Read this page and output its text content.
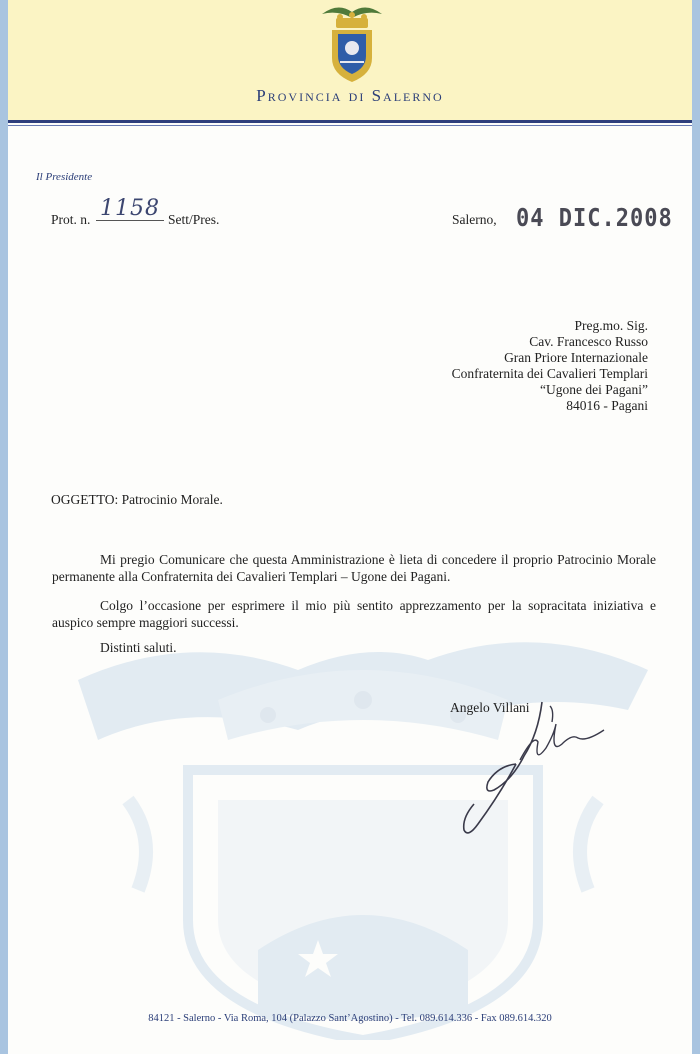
Provincia di Salerno
Il Presidente
Prot. n. 1158 Sett/Pres.	Salerno, 04 DIC.2008
Preg.mo. Sig.
Cav. Francesco Russo
Gran Priore Internazionale
Confraternita dei Cavalieri Templari
“Ugone dei Pagani”
84016 - Pagani
OGGETTO: Patrocinio Morale.
Mi pregio Comunicare che questa Amministrazione è lieta di concedere il proprio Patrocinio Morale permanente alla Confraternita dei Cavalieri Templari – Ugone dei Pagani.
Colgo l’occasione per esprimere il mio più sentito apprezzamento per la sopracitata iniziativa e auspico sempre maggiori successi.
Distinti saluti.
Angelo Villani
84121 - Salerno - Via Roma, 104 (Palazzo Sant’Agostino) - Tel. 089.614.336 - Fax 089.614.320
